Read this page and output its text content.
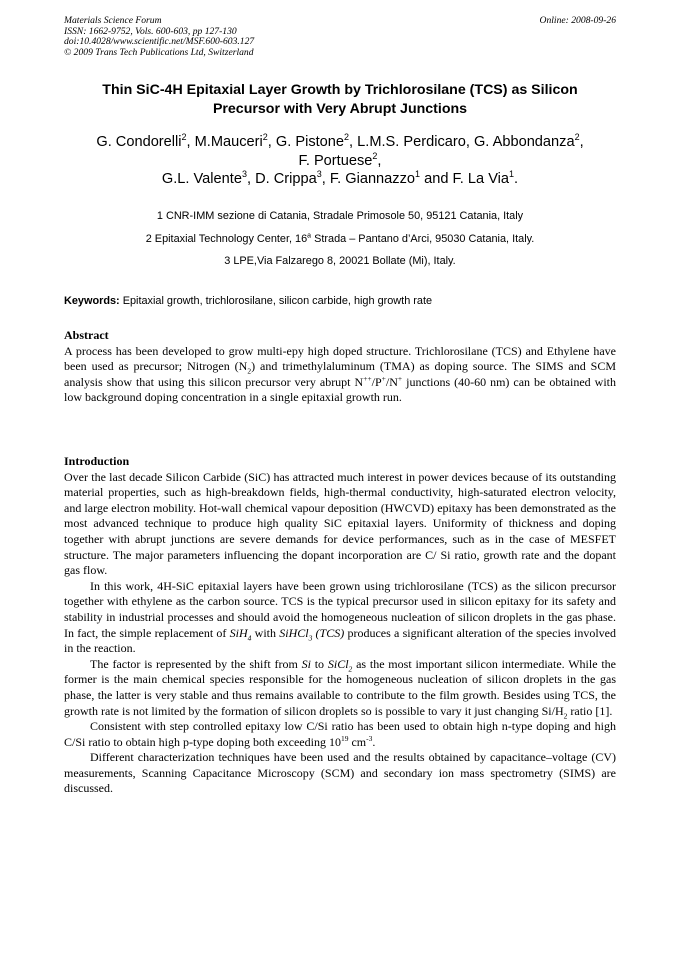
Materials Science Forum
ISSN: 1662-9752, Vols. 600-603, pp 127-130
doi:10.4028/www.scientific.net/MSF.600-603.127
© 2009 Trans Tech Publications Ltd, Switzerland
Online: 2008-09-26
Thin SiC-4H Epitaxial Layer Growth by Trichlorosilane (TCS) as Silicon
Precursor with Very Abrupt Junctions
G. Condorelli$^2$, M.Mauceri$^2$, G. Pistone$^2$, L.M.S. Perdicaro, G. Abbondanza$^2$,
F. Portuese$^2$,
G.L. Valente$^3$, D. Crippa$^3$, F. Giannazzo$^1$ and F. La Via$^1$.
1 CNR-IMM sezione di Catania, Stradale Primosole 50, 95121 Catania, Italy
2 Epitaxial Technology Center, 16$^a$ Strada – Pantano d’Arci, 95030 Catania, Italy.
3 LPE,Via Falzarego 8, 20021 Bollate (Mi), Italy.
Keywords: Epitaxial growth, trichlorosilane, silicon carbide, high growth rate
Abstract

A process has been developed to grow multi-epy high doped structure. Trichlorosilane (TCS) and Ethylene have been used as precursor; Nitrogen $(N_2)$ and trimethylaluminum (TMA) as doping source. The SIMS and SCM analysis show that using this silicon precursor very abrupt N++/P+/N+ junctions (40-60 nm) can be obtained with low background doping concentration in a single epitaxial growth run.

Introduction

Over the last decade Silicon Carbide (SiC) has attracted much interest in power devices because of its outstanding material properties, such as high-breakdown fields, high-thermal conductivity, high-saturated electron velocity, and large electron mobility. Hot-wall chemical vapour deposition (HWCVD) epitaxy has been demonstrated as the most advanced technique to produce high quality SiC epitaxial layers. Uniformity of thickness and doping together with abrupt junctions are severe demands for device performances, such as in the case of MESFET structure. The major parameters influencing the dopant incorporation are C/ Si ratio, growth rate and the dopant gas flow.

In this work, 4H-SiC epitaxial layers have been grown using trichlorosilane (TCS) as the silicon precursor together with ethylene as the carbon source. TCS is the typical precursor used in silicon epitaxy for its safety and stability in industrial processes and should avoid the homogeneous nucleation of silicon droplets in the gas phase. In fact, the simple replacement of SiH$_4$ with SiHCl$_3$ (TCS) produces a significant alteration of the species involved in the reaction.

The factor is represented by the shift from Si to SiCl$_2$ as the most important silicon intermediate. While the former is the main chemical species responsible for the homogeneous nucleation of silicon droplets in the gas phase, the latter is very stable and thus remains available to contribute to the film growth. Besides using TCS, the growth rate is not limited by the formation of silicon droplets so is possible to vary it just changing $Si/H_2$ ratio [1].

Consistent with step controlled epitaxy low C/Si ratio has been used to obtain high n-type doping and high C/Si ratio to obtain high p-type doping both exceeding $10^{19}$ $cm^{-3}$.

Different characterization techniques have been used and the results obtained by capacitance–voltage (CV) measurements, Scanning Capacitance Microscopy (SCM) and secondary ion mass spectrometry (SIMS) are discussed.
